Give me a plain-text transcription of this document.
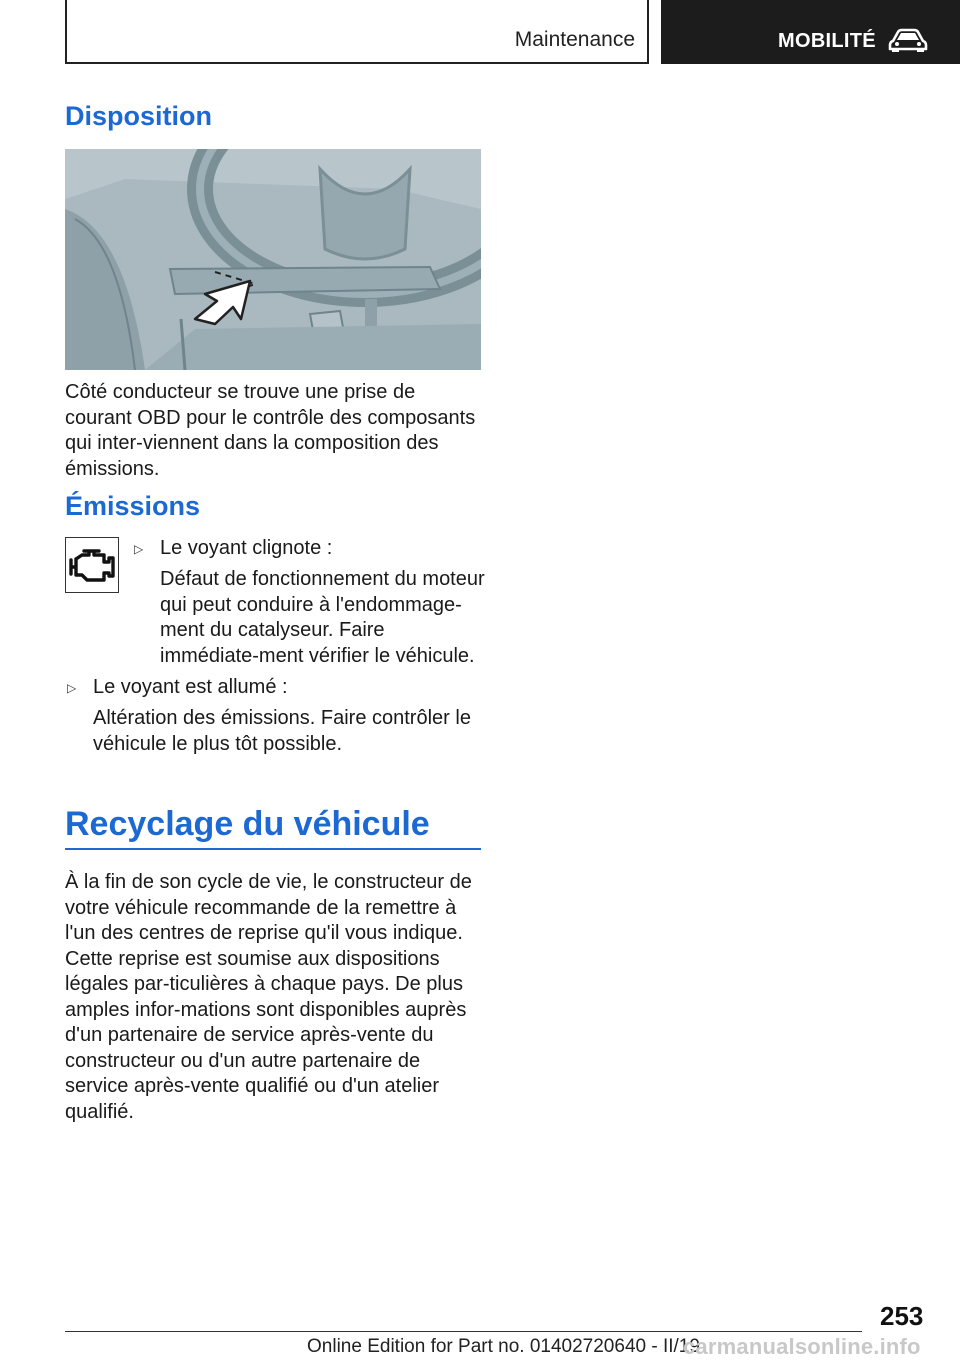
Maintenance	MOBILITÉ
Disposition

Côté conducteur se trouve une prise de courant OBD pour le contrôle des composants qui inter‐viennent dans la composition des émissions.

Émissions
▷ Le voyant clignote :

Défaut de fonctionnement du moteur qui peut conduire à l'endommage‐ment du catalyseur. Faire immédiate‐ment vérifier le véhicule.

▷ Le voyant est allumé :

Altération des émissions. Faire contrôler le véhicule le plus tôt possible.

Recyclage du véhicule

À la fin de son cycle de vie, le constructeur de votre véhicule recommande de la remettre à l'un des centres de reprise qu'il vous indique. Cette reprise est soumise aux dispositions légales par‐ticulières à chaque pays. De plus amples infor‐mations sont disponibles auprès d'un partenaire de service après-vente du constructeur ou d'un autre partenaire de service après-vente qualifié ou d'un atelier qualifié.

253
Online Edition for Part no. 01402720640 - II/19
carmanualsonline.info
